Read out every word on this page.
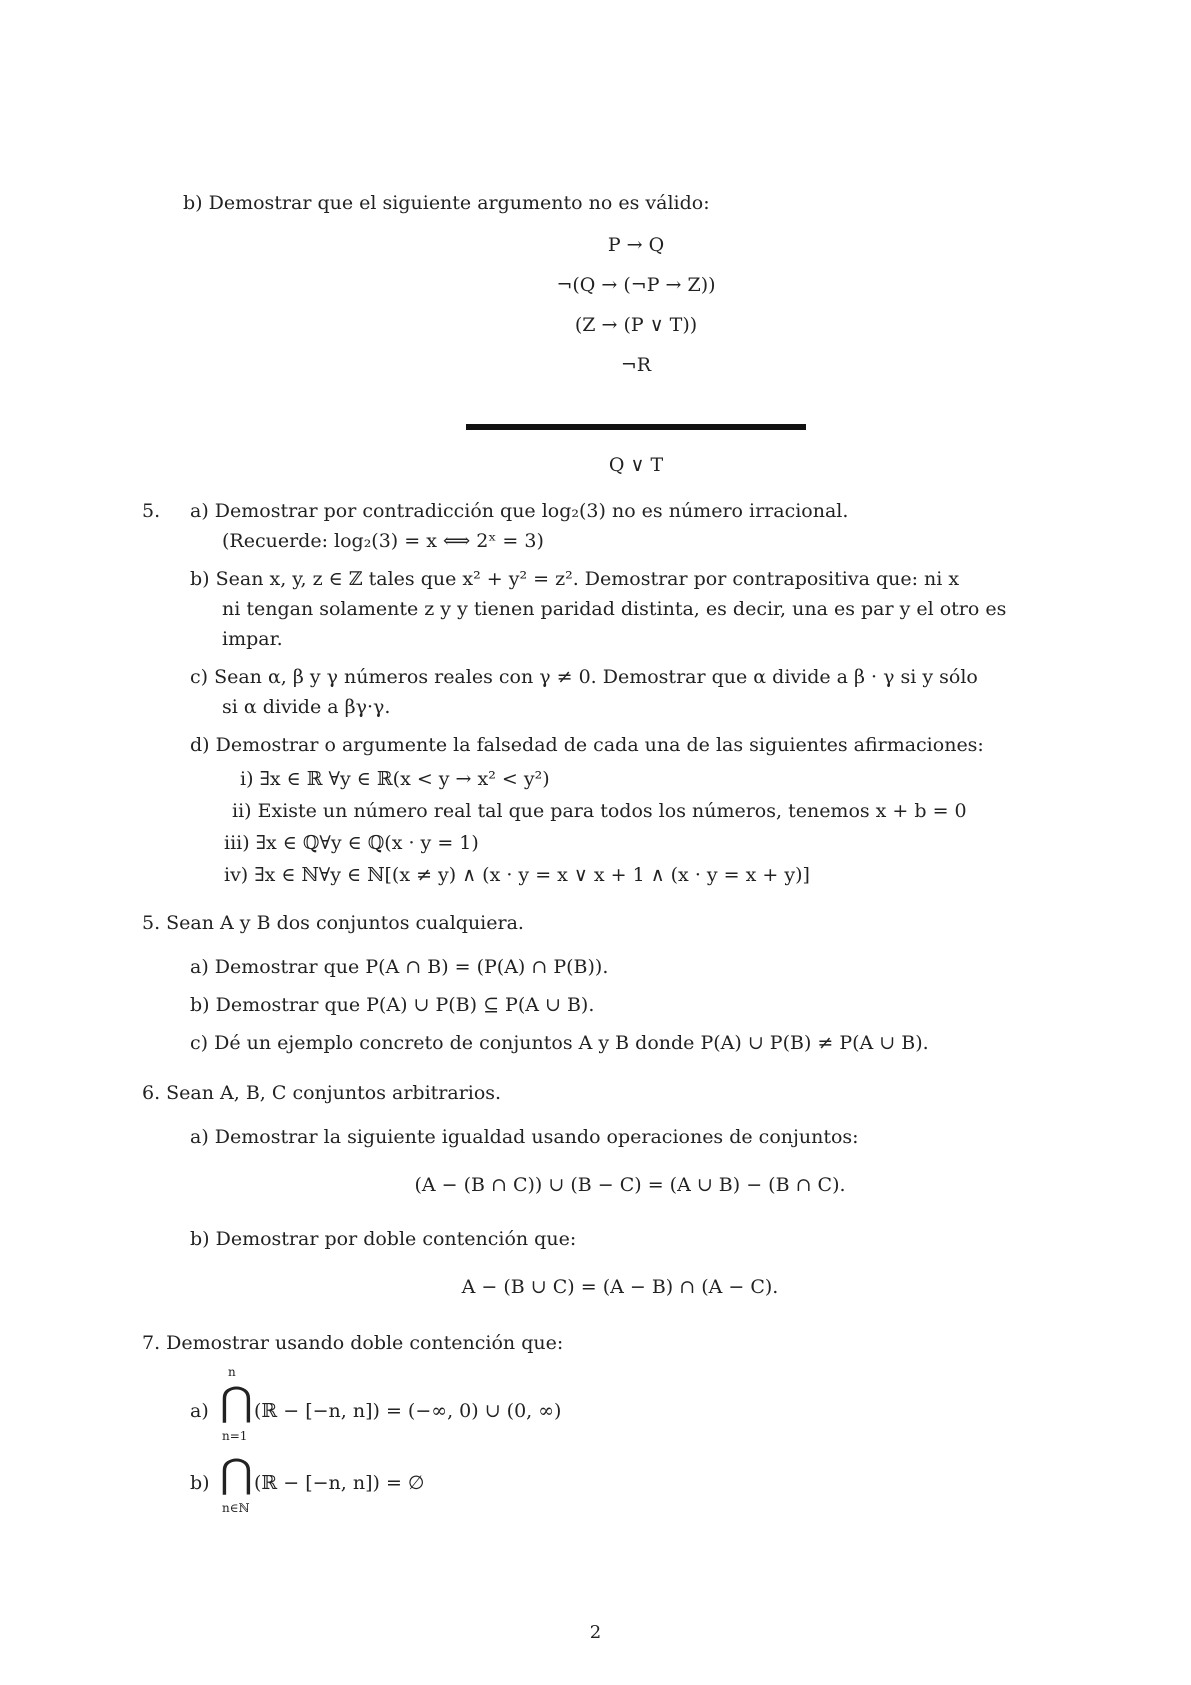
b) Demostrar que el siguiente argumento no es válido:
P → Q
¬(Q → (¬P → Z))
(Z → (P ∨ T))
¬R
Q ∨ T
5. a) Demostrar por contradicción que log₂(3) no es número irracional.
(Recuerde: log₂(3) = x ⟺ 2ˣ = 3)
b) Sean x, y, z ∈ ℤ tales que x² + y² = z². Demostrar por contrapositiva que: ni x
ni tengan solamente z y y tienen paridad distinta, es decir, una es par y el otro es
impar.
c) Sean α, β y γ números reales con γ ≠ 0. Demostrar que α divide a β · γ si y sólo
si α divide a βγ·γ.
d) Demostrar o argumente la falsedad de cada una de las siguientes afirmaciones:
i) ∃x ∈ ℝ ∀y ∈ ℝ(x < y → x² < y²)
ii) Existe un número real tal que para todos los números, tenemos x + b = 0
iii) ∃x ∈ ℚ∀y ∈ ℚ(x · y = 1)
iv) ∃x ∈ ℕ∀y ∈ ℕ[(x ≠ y) ∧ (x · y = x ∨ x + 1 ∧ (x · y = x + y)]
5. Sean A y B dos conjuntos cualquiera.
a) Demostrar que P(A ∩ B) = (P(A) ∩ P(B)).
b) Demostrar que P(A) ∪ P(B) ⊆ P(A ∪ B).
c) Dé un ejemplo concreto de conjuntos A y B donde P(A) ∪ P(B) ≠ P(A ∪ B).
6. Sean A, B, C conjuntos arbitrarios.
a) Demostrar la siguiente igualdad usando operaciones de conjuntos:
(A − (B ∩ C)) ∪ (B − C) = (A ∪ B) − (B ∩ C).
b) Demostrar por doble contención que:
A − (B ∪ C) = (A − B) ∩ (A − C).
7. Demostrar usando doble contención que:
a)
n
⋂
n=1
(ℝ − [−n, n]) = (−∞, 0) ∪ (0, ∞)
b) ⋂
n∈ℕ
(ℝ − [−n, n]) = ∅
2
